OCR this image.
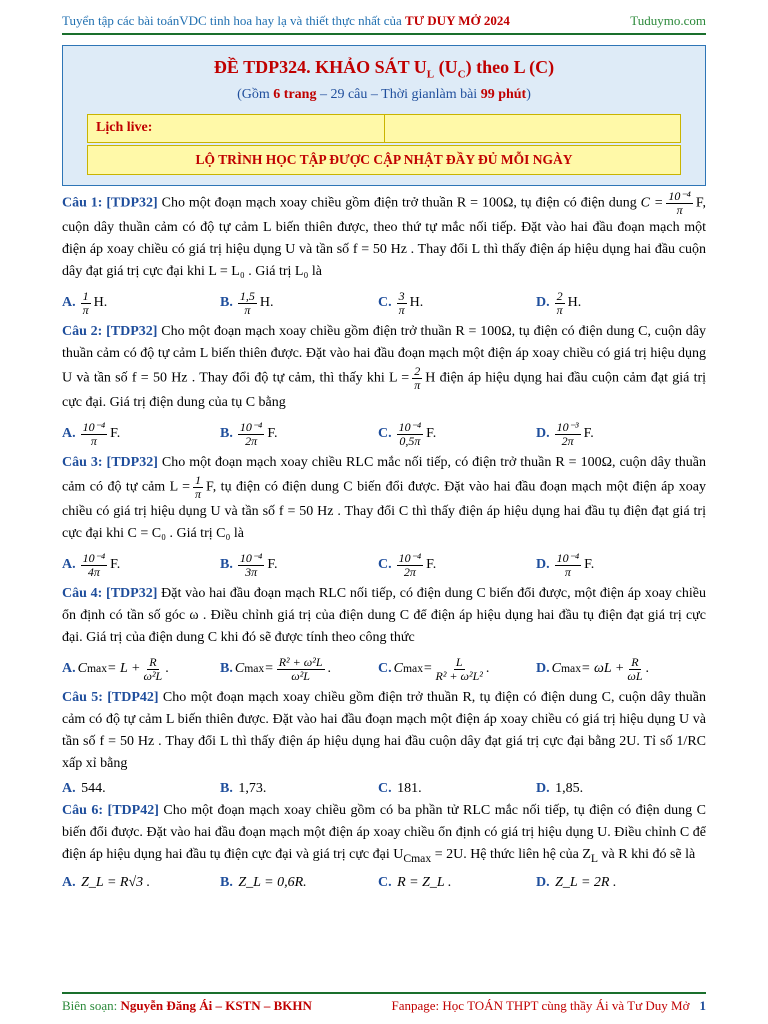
Tuyển tập các bài toánVDC tinh hoa hay lạ và thiết thực nhất của TƯ DUY MỞ 2024	Tuduymo.com
ĐỀ TDP324. KHẢO SÁT $U_L$ $(U_C)$ theo L (C)
(Gồm 6 trang – 29 câu – Thời gianlàm bài 99 phút)
Lịch live:
LỘ TRÌNH HỌC TẬP ĐƯỢC CẬP NHẬT ĐẦY ĐỦ MỖI NGÀY
Câu 1: [TDP32] Cho một đoạn mạch xoay chiều gồm điện trở thuần R = 100Ω, tụ điện có điện dung $C = \frac{\text{10⁻⁴}}{\pi} F$, cuộn dây thuần cảm có độ tự cảm L biến thiên được, theo thứ tự mắc nối tiếp. Đặt vào hai đầu đoạn mạch một điện áp xoay chiều có giá trị hiệu dụng U và tần số f = 50 Hz . Thay đổi L thì thấy điện áp hiệu dụng hai đầu cuộn dây đạt giá trị cực đại khi L = L₀ . Giá trị L₀ là
A. $\frac{1}{\pi} H$.	B. $\frac{1,5}{\pi} H$.	C. $\frac{3}{\pi} H$.	D. $\frac{2}{\pi} H$.
Câu 2: [TDP32] Cho một đoạn mạch xoay chiều gồm điện trở thuần R = 100Ω, tụ điện có điện dung C, cuộn dây thuần cảm có độ tự cảm L biến thiên được. Đặt vào hai đầu đoạn mạch một điện áp xoay chiều có giá trị hiệu dụng U và tần số f = 50 Hz . Thay đổi độ tự cảm, thì thấy khi $L = \frac{2}{\pi}$ H điện áp hiệu dụng hai đầu cuộn cảm đạt giá trị cực đại. Giá trị điện dung của tụ C bằng
A. $\frac{\text{10⁻⁴}}{\pi} F$.	B. $\frac{\text{10⁻⁴}}{2\pi} F$.	C. $\frac{\text{10⁻⁴}}{0,5\pi} F$.	D. $\frac{\text{10⁻³}}{2\pi} F$.
Câu 3: [TDP32] Cho một đoạn mạch xoay chiều RLC mắc nối tiếp, có điện trở thuần R = 100Ω, cuộn dây thuần cảm có độ tự cảm $L = \frac{1}{\pi} F$, tụ điện có điện dung C biến đổi được. Đặt vào hai đầu đoạn mạch một điện áp xoay chiều có giá trị hiệu dụng U và tần số f = 50 Hz . Thay đổi C thì thấy điện áp hiệu dụng hai đầu tụ điện đạt giá trị cực đại khi C = C₀ . Giá trị C₀ là
A. $\frac{\text{10⁻⁴}}{4\pi} F$.	B. $\frac{\text{10⁻⁴}}{3\pi} F$.	C. $\frac{\text{10⁻⁴}}{2\pi} F$.	D. $\frac{\text{10⁻⁴}}{\pi} F$.
Câu 4: [TDP32] Đặt vào hai đầu đoạn mạch RLC nối tiếp, có điện dung C biến đổi được, một điện áp xoay chiều ổn định có tần số góc ω . Điều chỉnh giá trị của điện dung C để điện áp hiệu dụng hai đầu tụ điện đạt giá trị cực đại. Giá trị của điện dung C khi đó sẽ được tính theo công thức
A. C $\max = L + \frac{R}{\text{ω²L}}$ .	B. C $\max = \frac{\text{R² + ω²L}}{\text{ω²L}}$ .	C. C $\max = \frac{L}{\text{R² + ω²L²}}$ .	D. C $\max = \omega L + \frac{R}{\omega L}$ .
Câu 5: [TDP42] Cho một đoạn mạch xoay chiều gồm điện trở thuần R, tụ điện có điện dung C, cuộn dây thuần cảm có độ tự cảm L biến thiên được. Đặt vào hai đầu đoạn mạch một điện áp xoay chiều có giá trị hiệu dụng U và tần số f = 50 Hz . Thay đổi L thì thấy điện áp hiệu dụng hai đầu cuộn dây đạt giá trị cực đại bằng 2U. Tỉ số 1/RC xấp xỉ bằng
A.
544.	B.
1,73.	C.
181.	D.
1,85.
Câu 6: [TDP42] Cho một đoạn mạch xoay chiều gồm có ba phần tử RLC mắc nối tiếp, tụ điện có điện dung C biến đổi được. Đặt vào hai đầu đoạn mạch một điện áp xoay chiều ổn định có giá trị hiệu dụng U. Điều chỉnh C để điện áp hiệu dụng hai đầu tụ điện cực đại và giá trị cực đại $U_{Cmax} = 2U$. Hệ thức liên hệ của $Z_L$ và R khi đó sẽ là
A.
Z_L = R√3 .	B.
Z_L = 0,6R.	C.
R = Z_L .	D.
Z_L = 2R .
Biên soạn: Nguyễn Đăng Ái – KSTN – BKHN	Fanpage: Học TOÁN THPT cùng thầy Ái và Tư Duy Mở 1
